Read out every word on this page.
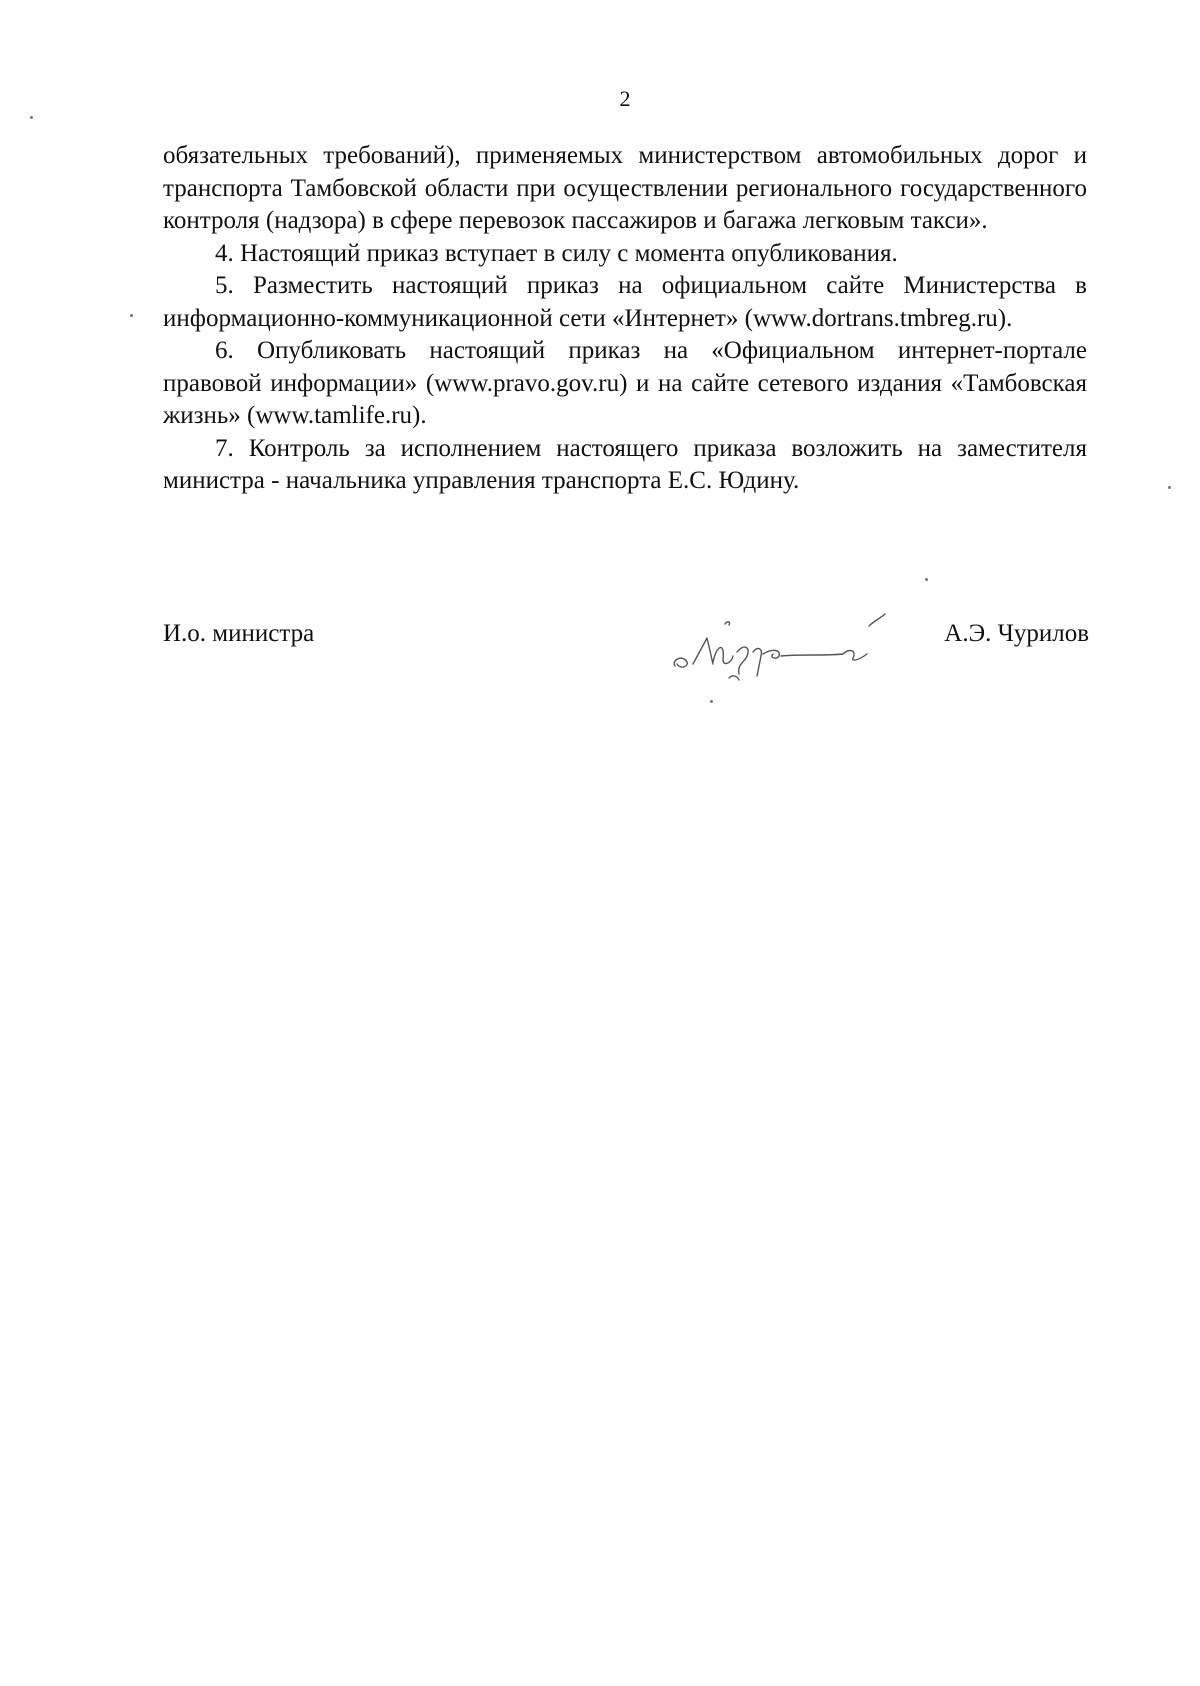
2

обязательных требований), применяемых министерством автомобильных дорог и транспорта Тамбовской области при осуществлении регионального государственного контроля (надзора) в сфере перевозок пассажиров и багажа легковым такси».

4. Настоящий приказ вступает в силу с момента опубликования.

5. Разместить настоящий приказ на официальном сайте Министерства в информационно-коммуникационной сети «Интернет» (www.dortrans.tmbreg.ru).

6. Опубликовать настоящий приказ на «Официальном интернет-портале правовой информации» (www.pravo.gov.ru) и на сайте сетевого издания «Тамбовская жизнь» (www.tamlife.ru).

7. Контроль за исполнением настоящего приказа возложить на заместителя министра - начальника управления транспорта Е.С. Юдину.

И.о. министра	А.Э. Чурилов
